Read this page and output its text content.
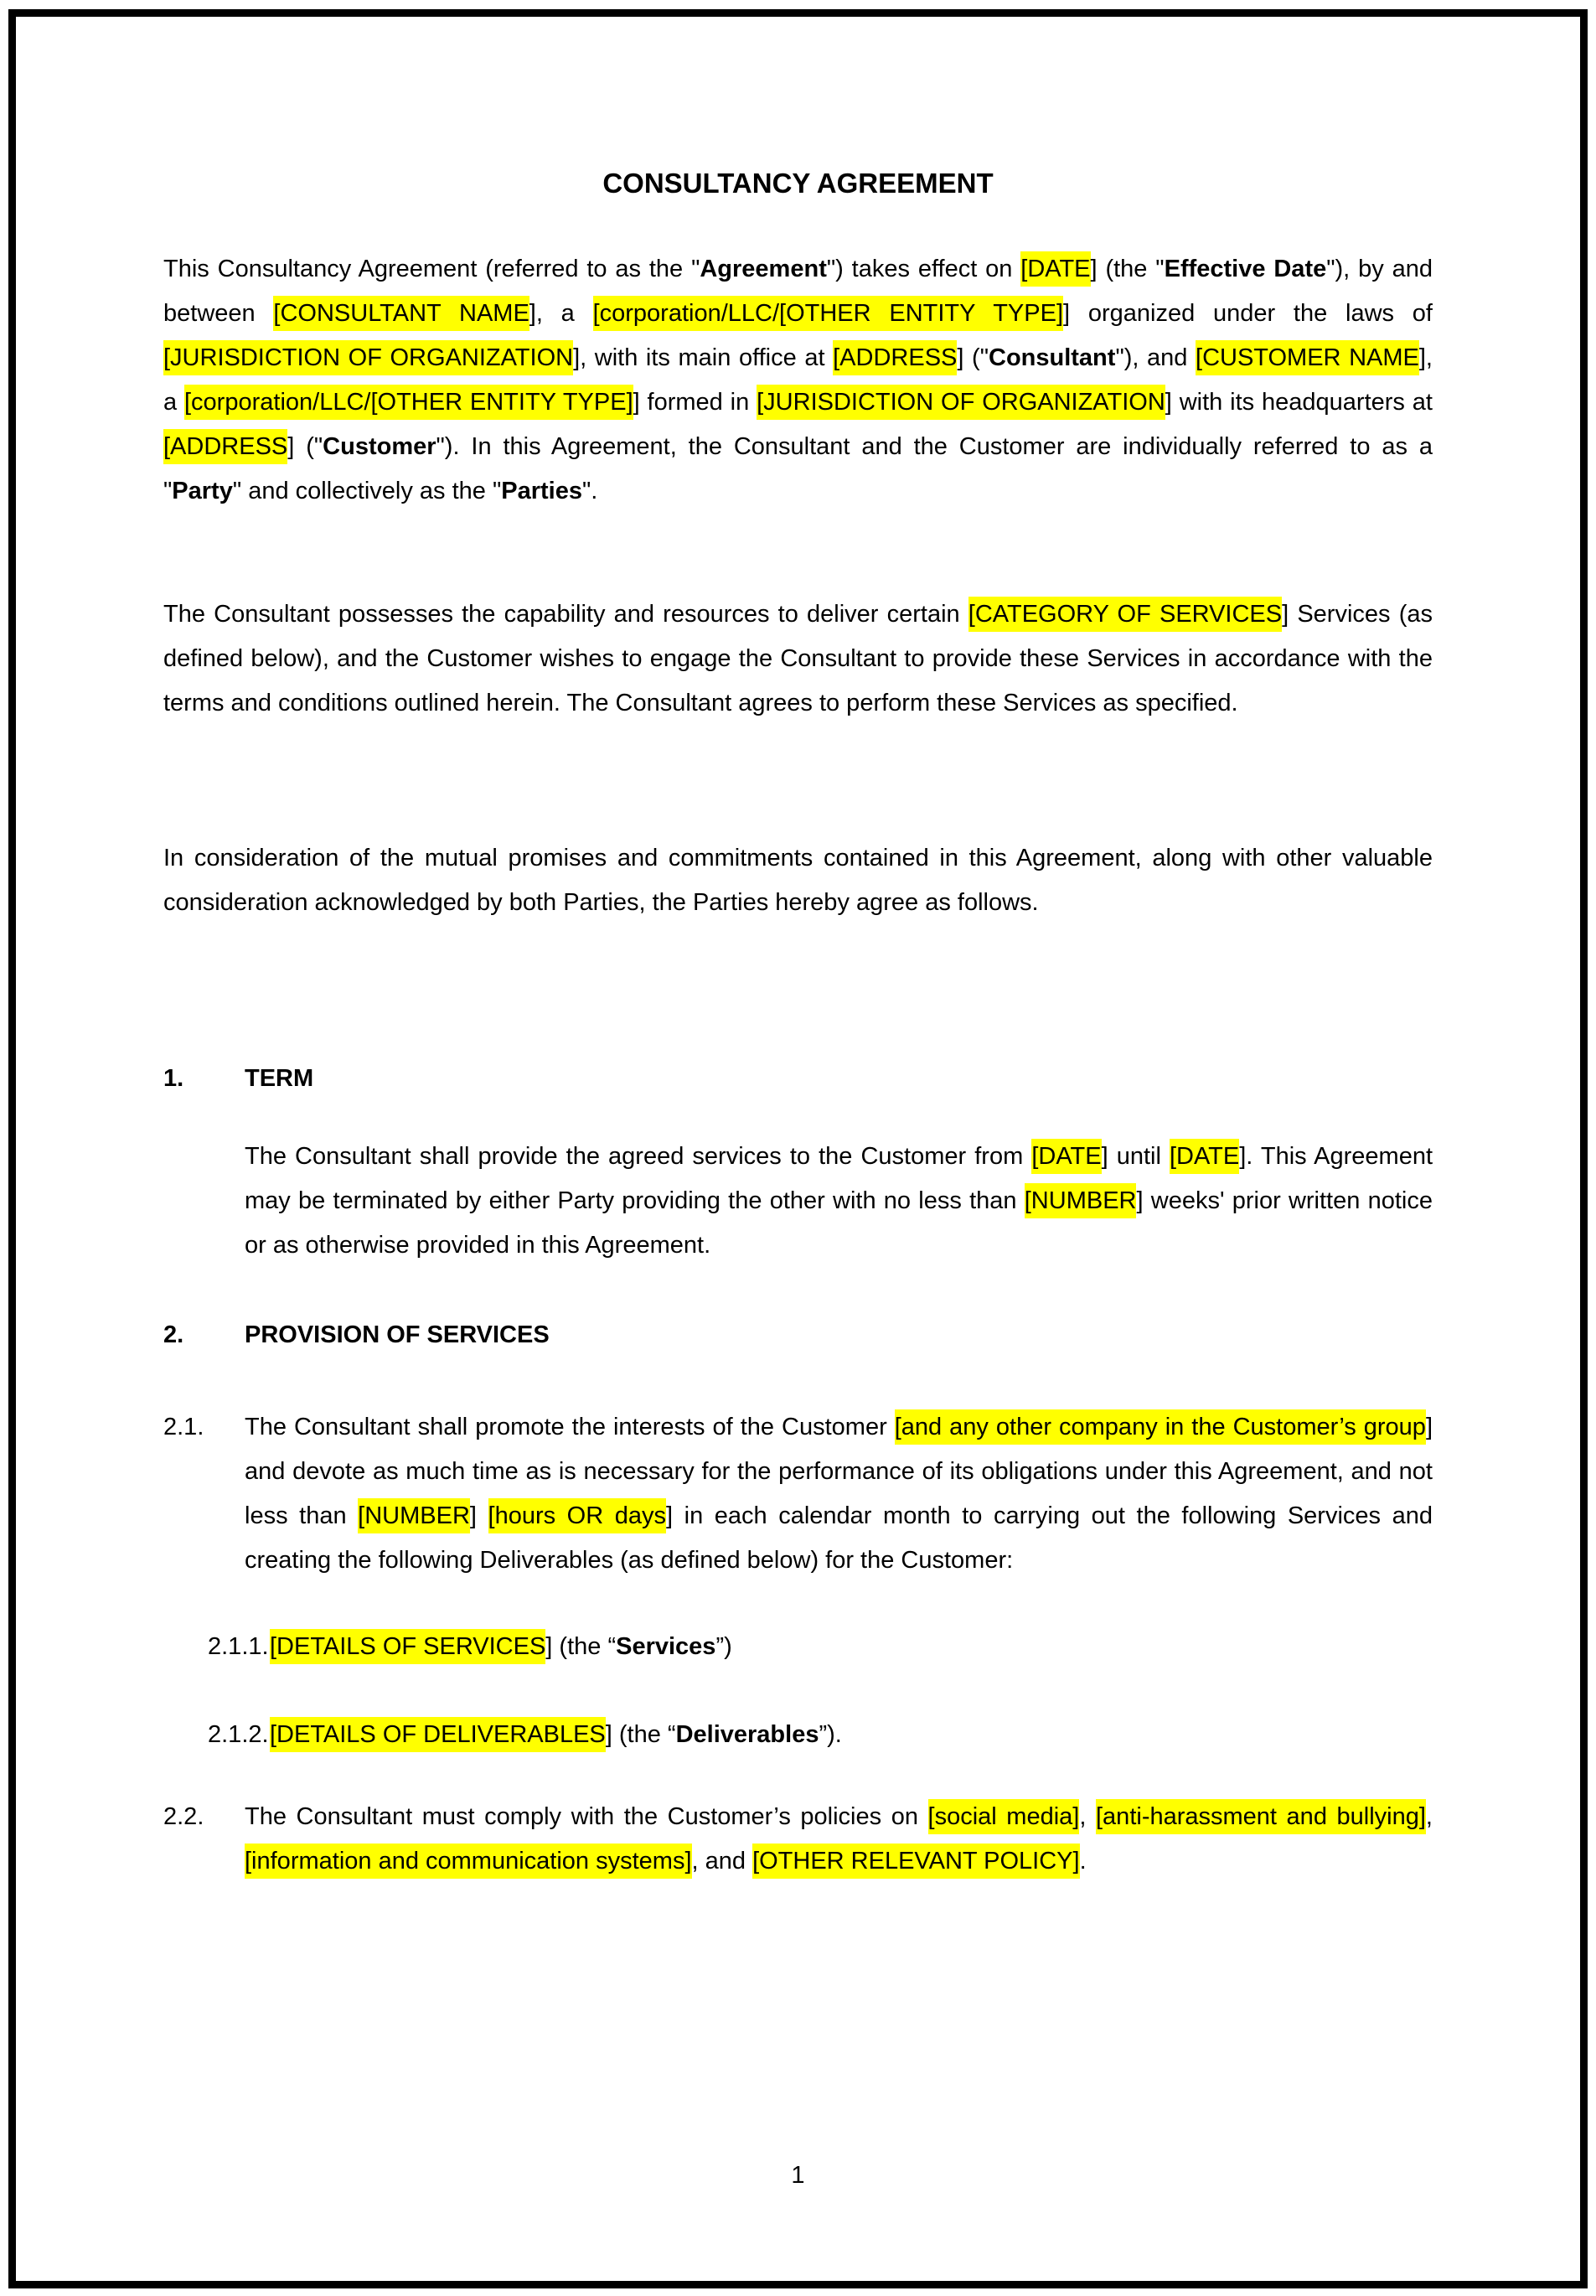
CONSULTANCY AGREEMENT

This Consultancy Agreement (referred to as the "Agreement") takes effect on [DATE] (the "Effective Date"), by and between [CONSULTANT NAME], a [corporation/LLC/[OTHER ENTITY TYPE]] organized under the laws of [JURISDICTION OF ORGANIZATION], with its main office at [ADDRESS] ("Consultant"), and [CUSTOMER NAME], a [corporation/LLC/[OTHER ENTITY TYPE]] formed in [JURISDICTION OF ORGANIZATION] with its headquarters at [ADDRESS] ("Customer"). In this Agreement, the Consultant and the Customer are individually referred to as a "Party" and collectively as the "Parties".

The Consultant possesses the capability and resources to deliver certain [CATEGORY OF SERVICES] Services (as defined below), and the Customer wishes to engage the Consultant to provide these Services in accordance with the terms and conditions outlined herein. The Consultant agrees to perform these Services as specified.

In consideration of the mutual promises and commitments contained in this Agreement, along with other valuable consideration acknowledged by both Parties, the Parties hereby agree as follows.

1.	TERM

The Consultant shall provide the agreed services to the Customer from [DATE] until [DATE]. This Agreement may be terminated by either Party providing the other with no less than [NUMBER] weeks' prior written notice or as otherwise provided in this Agreement.

2.	PROVISION OF SERVICES
2.1. The Consultant shall promote the interests of the Customer [and any other company in the Customer’s group] and devote as much time as is necessary for the performance of its obligations under this Agreement, and not less than [NUMBER] [hours OR days] in each calendar month to carrying out the following Services and creating the following Deliverables (as defined below) for the Customer:
2.1.1. [DETAILS OF SERVICES] (the “Services”)
2.1.2. [DETAILS OF DELIVERABLES] (the “Deliverables”).
2.2. The Consultant must comply with the Customer’s policies on [social media], [anti-harassment and bullying], [information and communication systems], and [OTHER RELEVANT POLICY].
1
